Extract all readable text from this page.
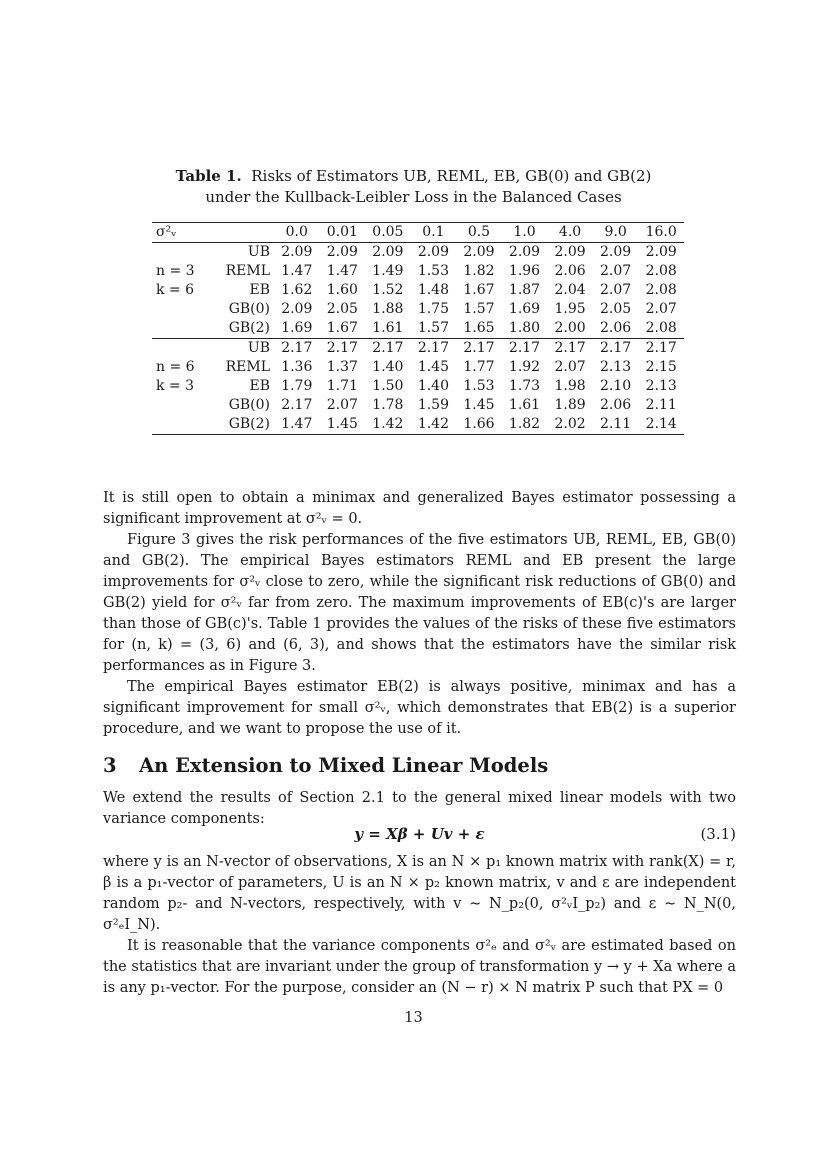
Table 1. Risks of Estimators UB, REML, EB, GB(0) and GB(2)
under the Kullback-Leibler Loss in the Balanced Cases
σ²ᵥ		0.0	0.01	0.05	0.1	0.5	1.0	4.0	9.0	16.0
	UB	2.09	2.09	2.09	2.09	2.09	2.09	2.09	2.09	2.09
n = 3	REML	1.47	1.47	1.49	1.53	1.82	1.96	2.06	2.07	2.08
k = 6	EB	1.62	1.60	1.52	1.48	1.67	1.87	2.04	2.07	2.08
	GB(0)	2.09	2.05	1.88	1.75	1.57	1.69	1.95	2.05	2.07
	GB(2)	1.69	1.67	1.61	1.57	1.65	1.80	2.00	2.06	2.08
	UB	2.17	2.17	2.17	2.17	2.17	2.17	2.17	2.17	2.17
n = 6	REML	1.36	1.37	1.40	1.45	1.77	1.92	2.07	2.13	2.15
k = 3	EB	1.79	1.71	1.50	1.40	1.53	1.73	1.98	2.10	2.13
	GB(0)	2.17	2.07	1.78	1.59	1.45	1.61	1.89	2.06	2.11
	GB(2)	1.47	1.45	1.42	1.42	1.66	1.82	2.02	2.11	2.14

It is still open to obtain a minimax and generalized Bayes estimator possessing a significant improvement at σ²ᵥ = 0.

Figure 3 gives the risk performances of the five estimators UB, REML, EB, GB(0) and GB(2). The empirical Bayes estimators REML and EB present the large improvements for σ²ᵥ close to zero, while the significant risk reductions of GB(0) and GB(2) yield for σ²ᵥ far from zero. The maximum improvements of EB(c)'s are larger than those of GB(c)'s. Table 1 provides the values of the risks of these five estimators for (n, k) = (3, 6) and (6, 3), and shows that the estimators have the similar risk performances as in Figure 3.

The empirical Bayes estimator EB(2) is always positive, minimax and has a significant improvement for small σ²ᵥ, which demonstrates that EB(2) is a superior procedure, and we want to propose the use of it.

3 An Extension to Mixed Linear Models

We extend the results of Section 2.1 to the general mixed linear models with two variance components:

y = Xβ + Uv + ε	(3.1)

where y is an N-vector of observations, X is an N × p₁ known matrix with rank(X) = r, β is a p₁-vector of parameters, U is an N × p₂ known matrix, v and ε are independent random p₂- and N-vectors, respectively, with v ∼ N_p₂(0, σ²ᵥI_p₂) and ε ∼ N_N(0, σ²ₑI_N).

It is reasonable that the variance components σ²ₑ and σ²ᵥ are estimated based on the statistics that are invariant under the group of transformation y → y + Xa where a is any p₁-vector. For the purpose, consider an (N − r) × N matrix P such that PX = 0

13
